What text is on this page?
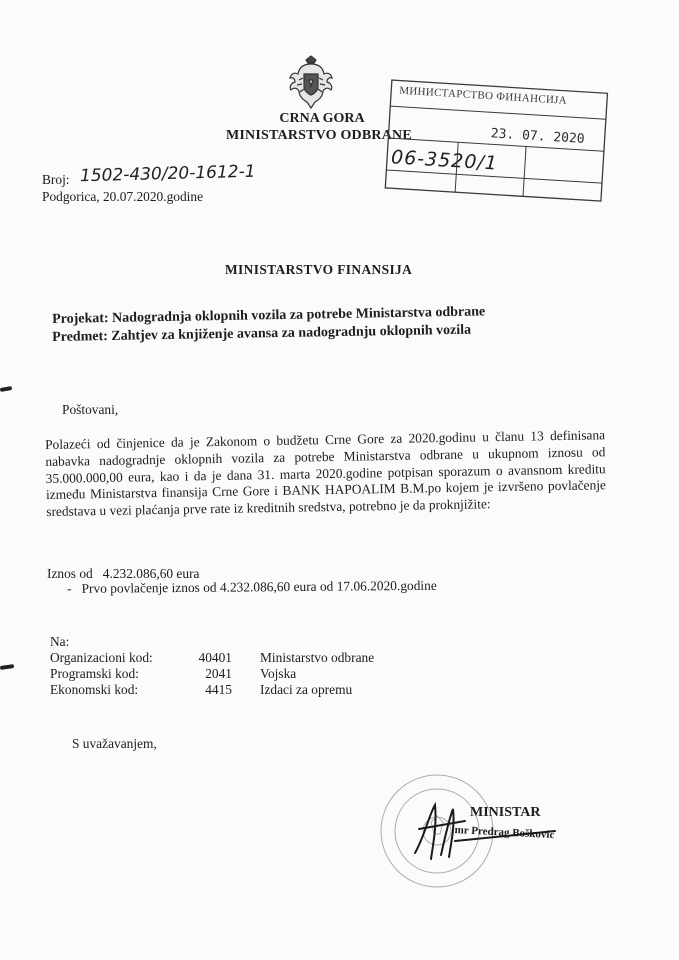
CRNA GORA
MINISTARSTVO ODBRANE
МИНИСТАРСТВО ФИНАНСИЈА
23. 07. 2020
06-3520/1
Broj: 1502-430/20-1612-1
Podgorica, 20.07.2020.godine
MINISTARSTVO FINANSIJA
Projekat: Nadogradnja oklopnih vozila za potrebe Ministarstva odbrane
Predmet: Zahtjev za knjiženje avansa za nadogradnju oklopnih vozila
Poštovani,

Polazeći od činjenice da je Zakonom o budžetu Crne Gore za 2020.godinu u članu 13 definisana nabavka nadogradnje oklopnih vozila za potrebe Ministarstva odbrane u ukupnom iznosu od 35.000.000,00 eura, kao i da je dana 31. marta 2020.godine potpisan sporazum o avansnom kreditu između Ministarstva finansija Crne Gore i BANK HAPOALIM B.M.po kojem je izvršeno povlačenje sredstava u vezi plaćanja prve rate iz kreditnih sredstva, potrebno je da proknjižite:

Iznos od   4.232.086,60 eura
-   Prvo povlačenje iznos od 4.232.086,60 eura od 17.06.2020.godine
Na:
Organizacioni kod:	40401	Ministarstvo odbrane
Programski kod:	2041	Vojska
Ekonomski kod:	4415	Izdaci za opremu
S uvažavanjem,
MINISTAR
mr Predrag Bošković
